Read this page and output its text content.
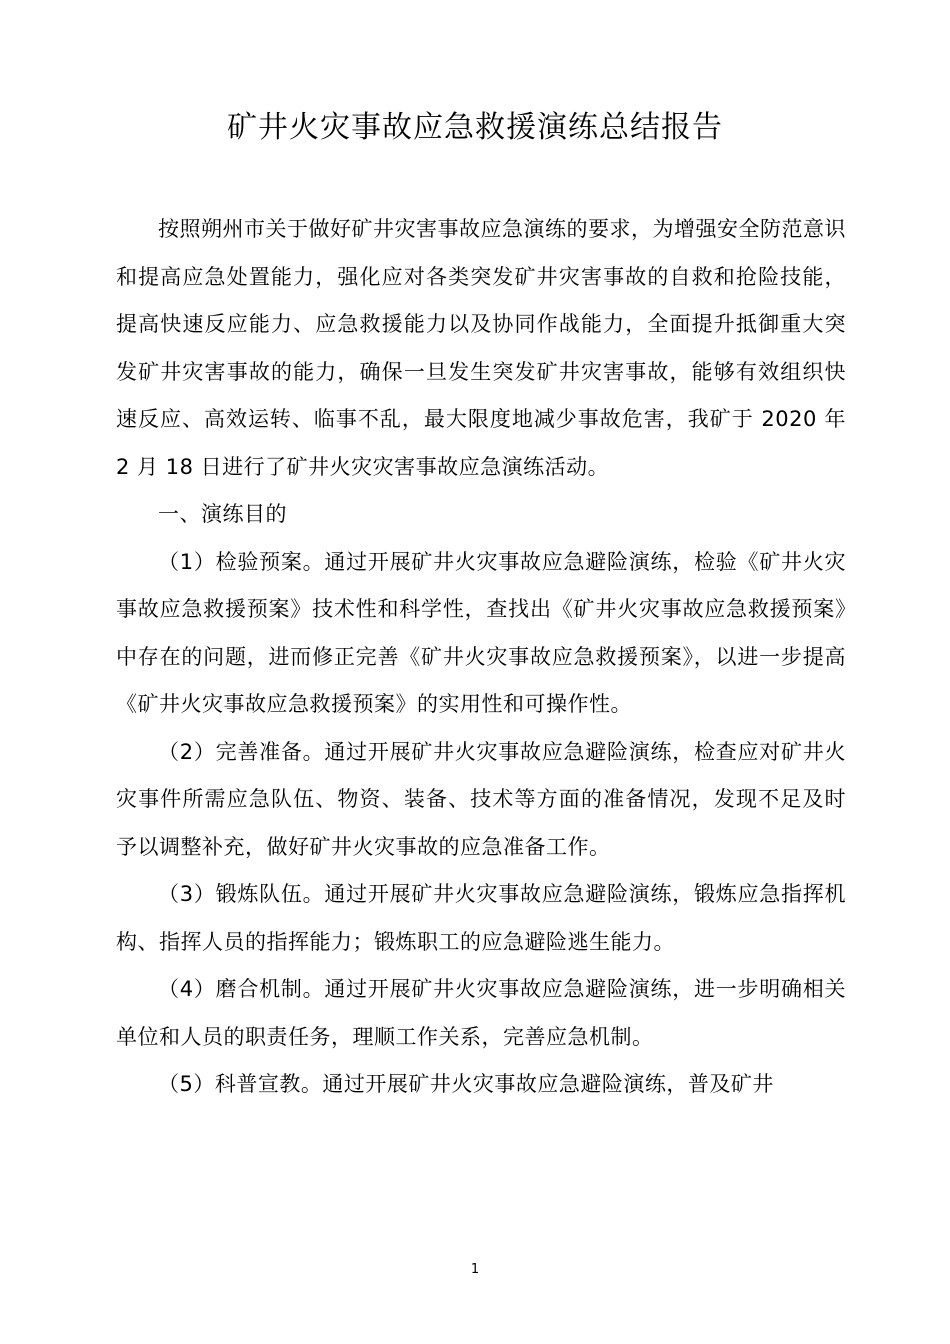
矿井火灾事故应急救援演练总结报告

按照朔州市关于做好矿井灾害事故应急演练的要求，为增强安全防范意识和提高应急处置能力，强化应对各类突发矿井灾害事故的自救和抢险技能，提高快速反应能力、应急救援能力以及协同作战能力，全面提升抵御重大突发矿井灾害事故的能力，确保一旦发生突发矿井灾害事故，能够有效组织快速反应、高效运转、临事不乱，最大限度地减少事故危害，我矿于 2020 年 2 月 18 日进行了矿井火灾灾害事故应急演练活动。

一、演练目的

（1）检验预案。通过开展矿井火灾事故应急避险演练，检验《矿井火灾事故应急救援预案》技术性和科学性，查找出《矿井火灾事故应急救援预案》中存在的问题，进而修正完善《矿井火灾事故应急救援预案》，以进一步提高《矿井火灾事故应急救援预案》的实用性和可操作性。

（2）完善准备。通过开展矿井火灾事故应急避险演练，检查应对矿井火灾事件所需应急队伍、物资、装备、技术等方面的准备情况，发现不足及时予以调整补充，做好矿井火灾事故的应急准备工作。

（3）锻炼队伍。通过开展矿井火灾事故应急避险演练，锻炼应急指挥机构、指挥人员的指挥能力；锻炼职工的应急避险逃生能力。

（4）磨合机制。通过开展矿井火灾事故应急避险演练，进一步明确相关单位和人员的职责任务，理顺工作关系，完善应急机制。

（5）科普宣教。通过开展矿井火灾事故应急避险演练，普及矿井

1
